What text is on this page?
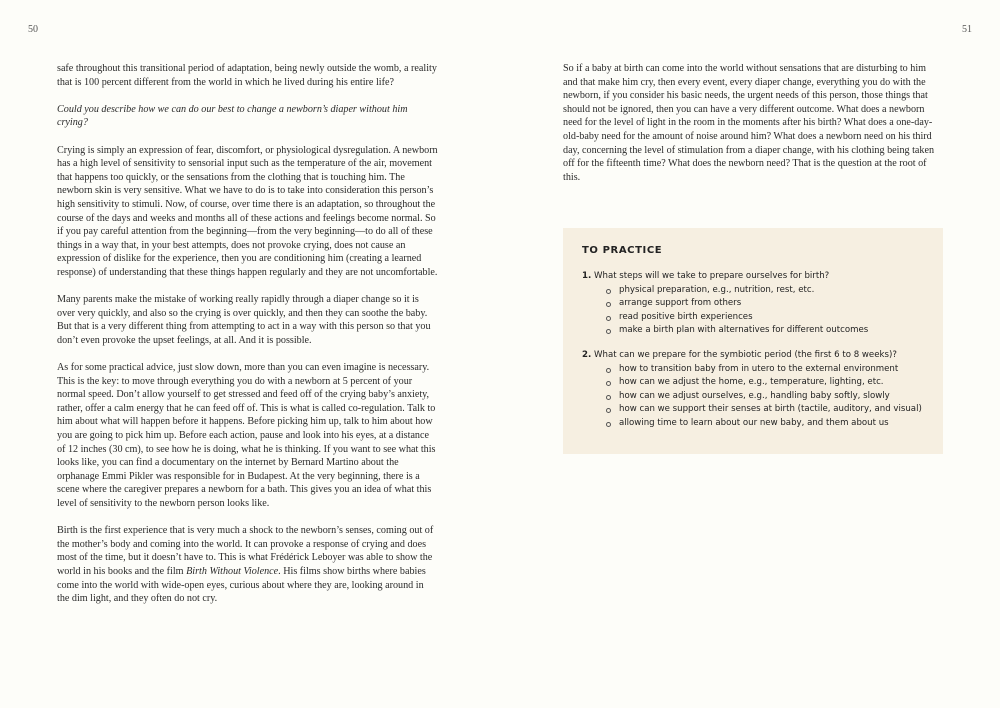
50

safe throughout this transitional period of adaptation, being newly outside the womb, a reality that is 100 percent different from the world in which he lived during his entire life?

Could you describe how we can do our best to change a newborn’s diaper without him crying?

Crying is simply an expression of fear, discomfort, or physiological dysregulation. A newborn has a high level of sensitivity to sensorial input such as the temperature of the air, movement that happens too quickly, or the sensations from the clothing that is touching him. The newborn skin is very sensitive. What we have to do is to take into consideration this person’s high sensitivity to stimuli. Now, of course, over time there is an adaptation, so throughout the course of the days and weeks and months all of these actions and feelings become normal. So if you pay careful attention from the beginning—from the very beginning—to do all of these things in a way that, in your best attempts, does not provoke crying, does not cause an expression of dislike for the experience, then you are conditioning him (creating a learned response) of understanding that these things happen regularly and they are not uncomfortable.

Many parents make the mistake of working really rapidly through a diaper change so it is over very quickly, and also so the crying is over quickly, and then they can soothe the baby. But that is a very different thing from attempting to act in a way with this person so that you don’t even provoke the upset feelings, at all. And it is possible.

As for some practical advice, just slow down, more than you can even imagine is necessary. This is the key: to move through everything you do with a newborn at 5 percent of your normal speed. Don’t allow yourself to get stressed and feed off of the crying baby’s anxiety, rather, offer a calm energy that he can feed off of. This is what is called co-regulation. Talk to him about what will happen before it happens. Before picking him up, talk to him about how you are going to pick him up. Before each action, pause and look into his eyes, at a distance of 12 inches (30 cm), to see how he is doing, what he is thinking. If you want to see what this looks like, you can find a documentary on the internet by Bernard Martino about the orphanage Emmi Pikler was responsible for in Budapest. At the very beginning, there is a scene where the caregiver prepares a newborn for a bath. This gives you an idea of what this level of sensitivity to the newborn person looks like.

Birth is the first experience that is very much a shock to the newborn’s senses, coming out of the mother’s body and coming into the world. It can provoke a response of crying and does most of the time, but it doesn’t have to. This is what Frédérick Leboyer was able to show the world in his books and the film Birth Without Violence. His films show births where babies come into the world with wide-open eyes, curious about where they are, looking around in the dim light, and they often do not cry.

51

So if a baby at birth can come into the world without sensations that are disturbing to him and that make him cry, then every event, every diaper change, everything you do with the newborn, if you consider his basic needs, the urgent needs of this person, those things that should not be ignored, then you can have a very different outcome. What does a newborn need for the level of light in the room in the moments after his birth? What does a one-day-old-baby need for the amount of noise around him? What does a newborn need on his third day, concerning the level of stimulation from a diaper change, with his clothing being taken off for the fifteenth time? What does the newborn need? That is the question at the root of this.

TO PRACTICE
1. What steps will we take to prepare ourselves for birth?
physical preparation, e.g., nutrition, rest, etc.
arrange support from others
read positive birth experiences
make a birth plan with alternatives for different outcomes
2. What can we prepare for the symbiotic period (the first 6 to 8 weeks)?
how to transition baby from in utero to the external environment
how can we adjust the home, e.g., temperature, lighting, etc.
how can we adjust ourselves, e.g., handling baby softly, slowly
how can we support their senses at birth (tactile, auditory, and visual)
allowing time to learn about our new baby, and them about us
